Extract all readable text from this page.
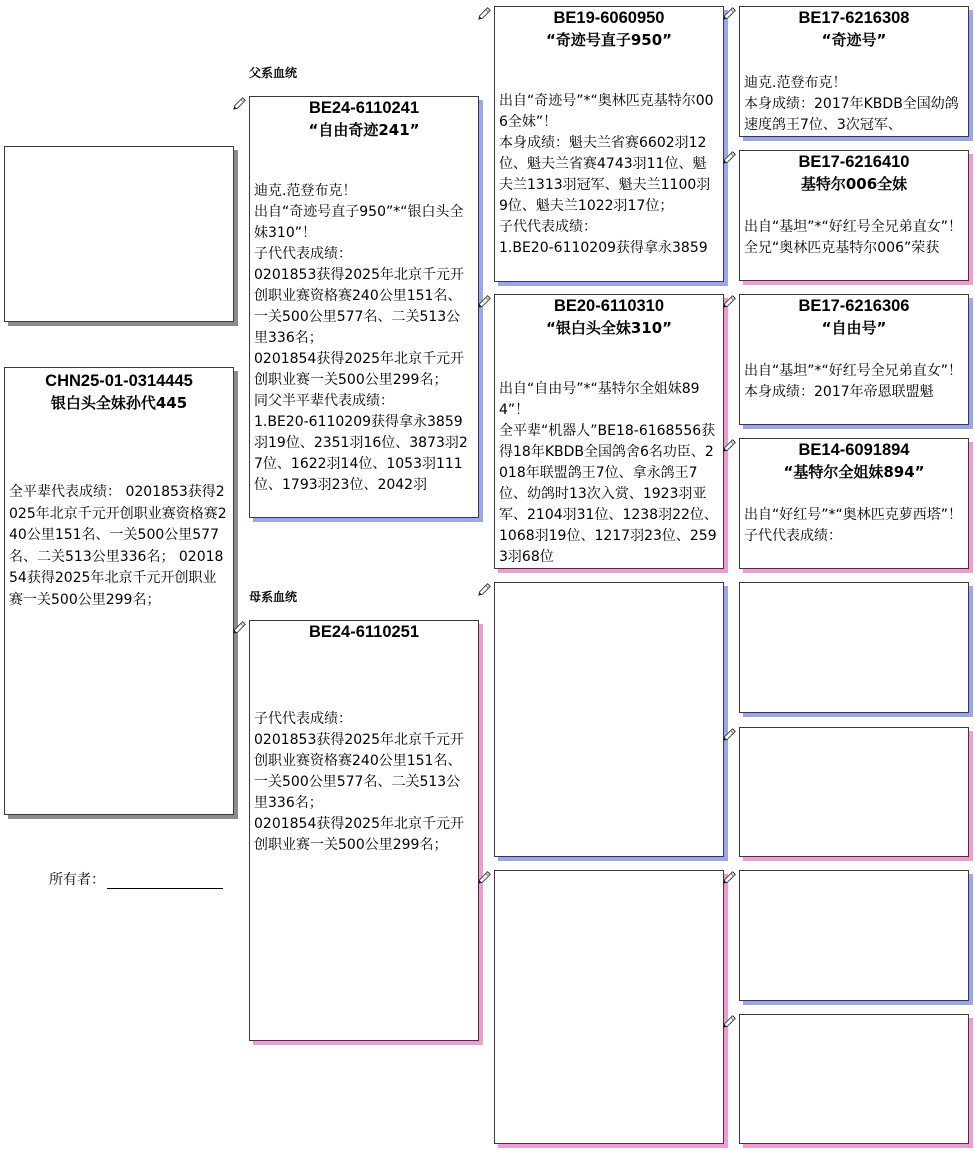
父系血统
母系血统
CHN25-01-0314445
银白头全妹孙代445
全平辈代表成绩： 0201853获得2025年北京千元开创职业赛资格赛240公里151名、一关500公里577名、二关513公里336名； 0201854获得2025年北京千元开创职业赛一关500公里299名；
所有者：
BE24-6110241
“自由奇迹241”
迪克.范登布克！
出自“奇迹号直子950”*“银白头全妹310”！
子代代表成绩：
0201853获得2025年北京千元开创职业赛资格赛240公里151名、一关500公里577名、二关513公里336名；
0201854获得2025年北京千元开创职业赛一关500公里299名；
同父半平辈代表成绩：
1.BE20-6110209获得拿永3859羽19位、2351羽16位、3873羽27位、1622羽14位、1053羽111位、1793羽23位、2042羽
BE24-6110251
子代代表成绩：
0201853获得2025年北京千元开创职业赛资格赛240公里151名、一关500公里577名、二关513公里336名；
0201854获得2025年北京千元开创职业赛一关500公里299名；
BE19-6060950
“奇迹号直子950”
出自“奇迹号”*“奥林匹克基特尔006全妹”！
本身成绩：魁夫兰省赛6602羽12位、魁夫兰省赛4743羽11位、魁夫兰1313羽冠军、魁夫兰1100羽9位、魁夫兰1022羽17位；
子代代表成绩：
1.BE20-6110209获得拿永3859
BE20-6110310
“银白头全妹310”
出自“自由号”*“基特尔全姐妹894”！
全平辈“机器人”BE18-6168556获得18年KBDB全国鸽舍6名功臣、2018年联盟鸽王7位、拿永鸽王7位、幼鸽时13次入赏、1923羽亚军、2104羽31位、1238羽22位、1068羽19位、1217羽23位、2593羽68位
BE17-6216308
“奇迹号”
迪克.范登布克！
本身成绩：2017年KBDB全国幼鸽速度鸽王7位、3次冠军、
BE17-6216410
基特尔006全妹
出自“基坦”*“好红号全兄弟直女”！
全兄“奥林匹克基特尔006”荣获
BE17-6216306
“自由号”
出自“基坦”*“好红号全兄弟直女”！
本身成绩：2017年帝恩联盟魁
BE14-6091894
“基特尔全姐妹894”
出自“好红号”*“奥林匹克萝西塔”！
子代代表成绩：
